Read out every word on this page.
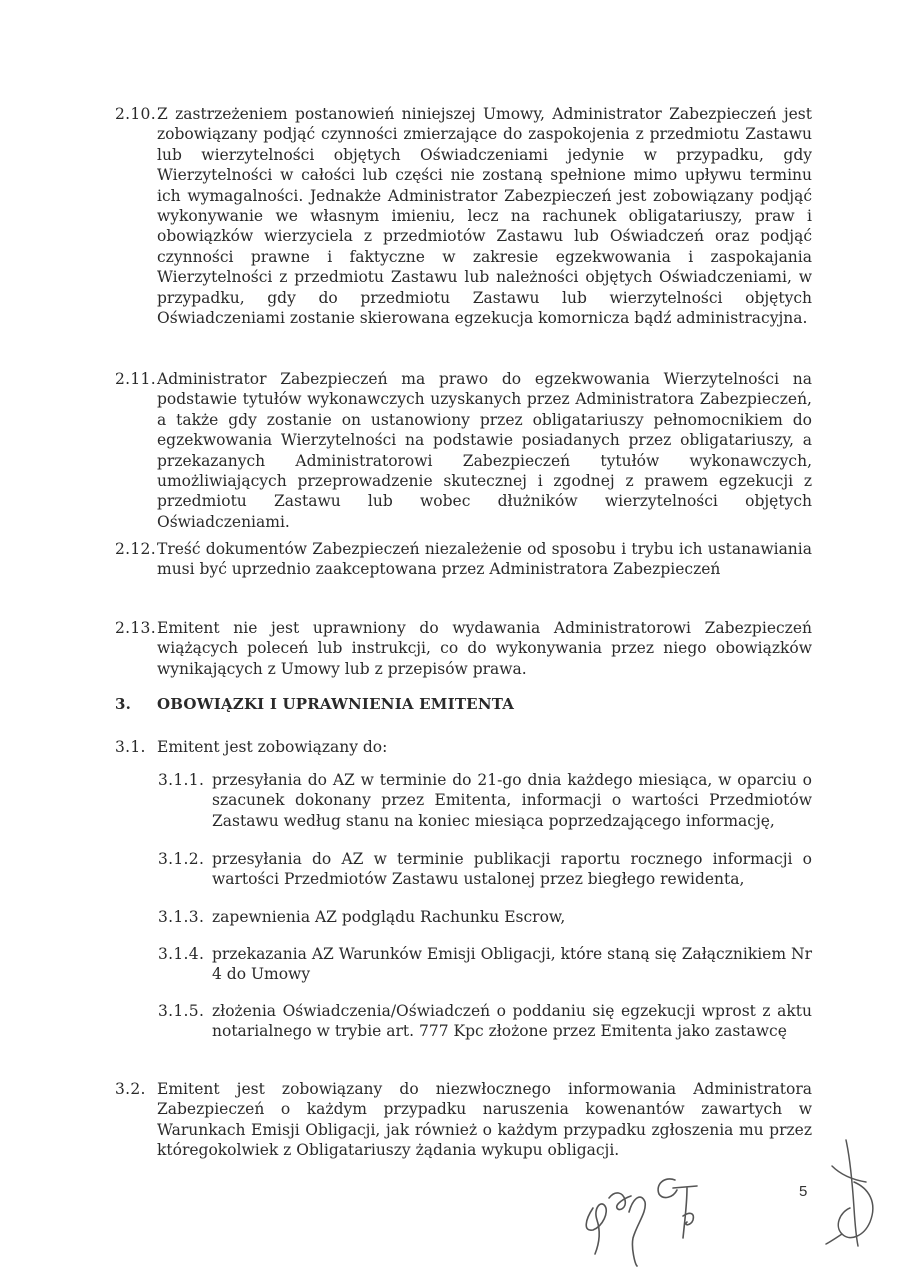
2.10.Z zastrzeżeniem postanowień niniejszej Umowy, Administrator Zabezpieczeń jest zobowiązany podjąć czynności zmierzające do zaspokojenia z przedmiotu Zastawu lub wierzytelności objętych Oświadczeniami jedynie w przypadku, gdy Wierzytelności w całości lub części nie zostaną spełnione mimo upływu terminu ich wymagalności. Jednakże Administrator Zabezpieczeń jest zobowiązany podjąć wykonywanie we własnym imieniu, lecz na rachunek obligatariuszy, praw i obowiązków wierzyciela z przedmiotów Zastawu lub Oświadczeń oraz podjąć czynności prawne i faktyczne w zakresie egzekwowania i zaspokajania Wierzytelności z przedmiotu Zastawu lub należności objętych Oświadczeniami, w przypadku, gdy do przedmiotu Zastawu lub wierzytelności objętych Oświadczeniami zostanie skierowana egzekucja komornicza bądź administracyjna.
2.11.Administrator Zabezpieczeń ma prawo do egzekwowania Wierzytelności na podstawie tytułów wykonawczych uzyskanych przez Administratora Zabezpieczeń, a także gdy zostanie on ustanowiony przez obligatariuszy pełnomocnikiem do egzekwowania Wierzytelności na podstawie posiadanych przez obligatariuszy, a przekazanych Administratorowi Zabezpieczeń tytułów wykonawczych, umożliwiających przeprowadzenie skutecznej i zgodnej z prawem egzekucji z przedmiotu Zastawu lub wobec dłużników wierzytelności objętych Oświadczeniami.
2.12.Treść dokumentów Zabezpieczeń niezależenie od sposobu i trybu ich ustanawiania musi być uprzednio zaakceptowana przez Administratora Zabezpieczeń
2.13.Emitent nie jest uprawniony do wydawania Administratorowi Zabezpieczeń wiążących poleceń lub instrukcji, co do wykonywania przez niego obowiązków wynikających z Umowy lub z przepisów prawa.
3. OBOWIĄZKI I UPRAWNIENIA EMITENTA
3.1. Emitent jest zobowiązany do:
3.1.1. przesyłania do AZ w terminie do 21-go dnia każdego miesiąca, w oparciu o szacunek dokonany przez Emitenta, informacji o wartości Przedmiotów Zastawu według stanu na koniec miesiąca poprzedzającego informację,
3.1.2. przesyłania do AZ w terminie publikacji raportu rocznego informacji o wartości Przedmiotów Zastawu ustalonej przez biegłego rewidenta,
3.1.3. zapewnienia AZ podglądu Rachunku Escrow,
3.1.4. przekazania AZ Warunków Emisji Obligacji, które staną się Załącznikiem Nr 4 do Umowy
3.1.5. złożenia Oświadczenia/Oświadczeń o poddaniu się egzekucji wprost z aktu notarialnego w trybie art. 777 Kpc złożone przez Emitenta jako zastawcę
3.2. Emitent jest zobowiązany do niezwłocznego informowania Administratora Zabezpieczeń o każdym przypadku naruszenia kowenantów zawartych w Warunkach Emisji Obligacji, jak również o każdym przypadku zgłoszenia mu przez któregokolwiek z Obligatariuszy żądania wykupu obligacji.
5
